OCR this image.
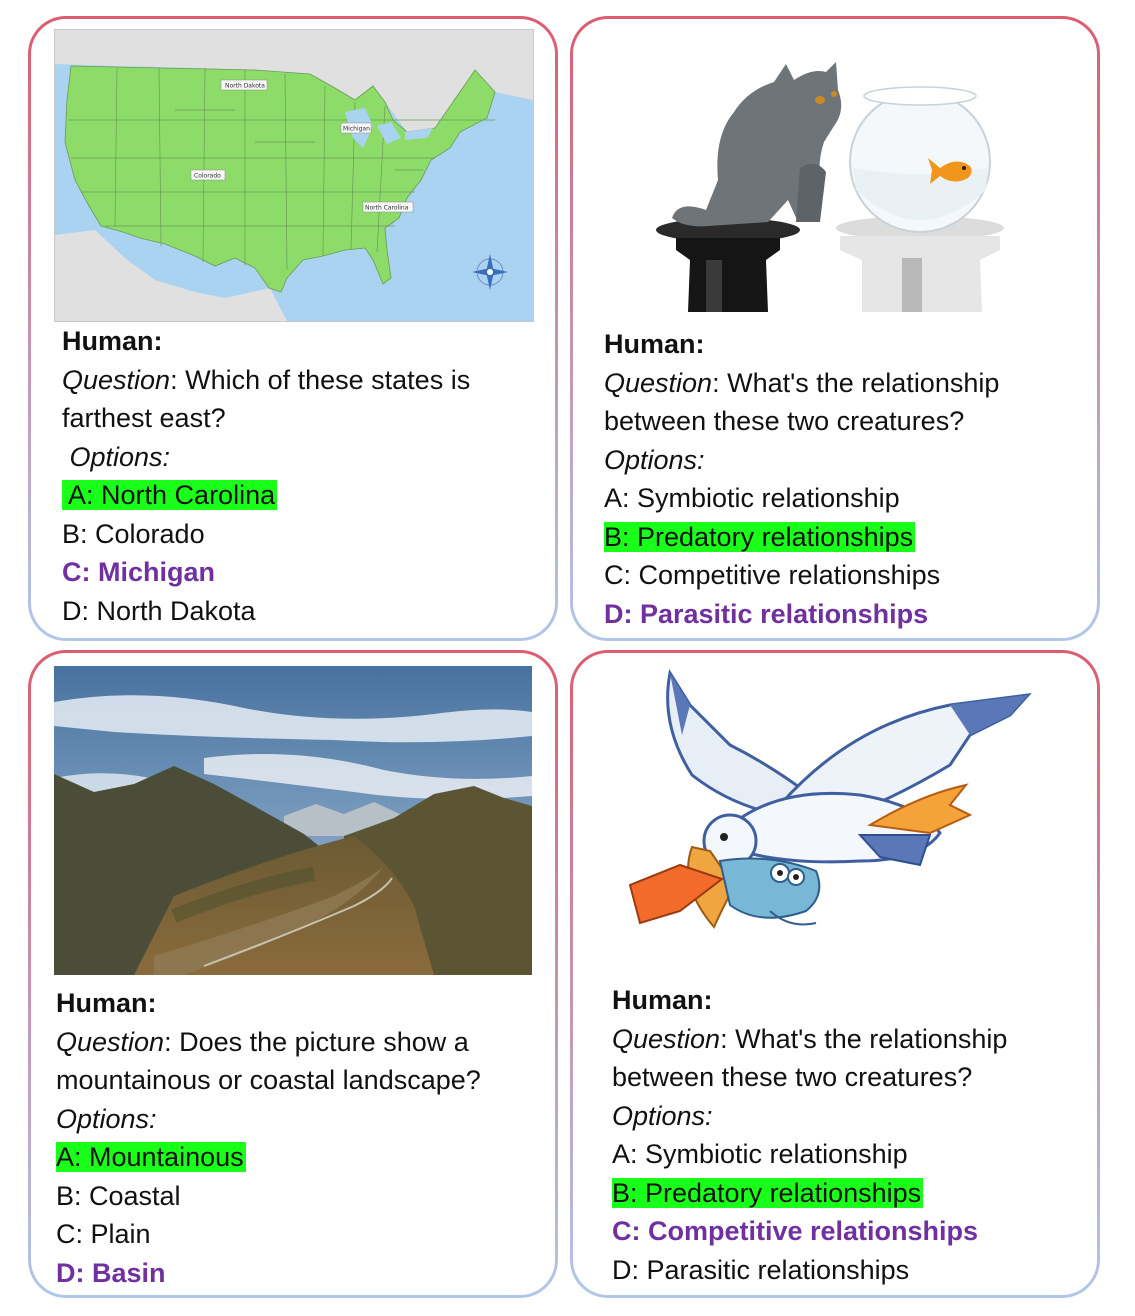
North Dakota
Michigan
Colorado
North Carolina
Human:
Question: Which of these states is
farthest east?
Options:
A: North Carolina
B: Colorado
C: Michigan
D: North Dakota
Human:
Question: What's the relationship
between these two creatures?
Options:
A: Symbiotic relationship
B: Predatory relationships
C: Competitive relationships
D: Parasitic relationships
Human:
Question: Does the picture show a
mountainous or coastal landscape?
Options:
A: Mountainous
B: Coastal
C: Plain
D: Basin
Human:
Question: What's the relationship
between these two creatures?
Options:
A: Symbiotic relationship
B: Predatory relationships
C: Competitive relationships
D: Parasitic relationships
